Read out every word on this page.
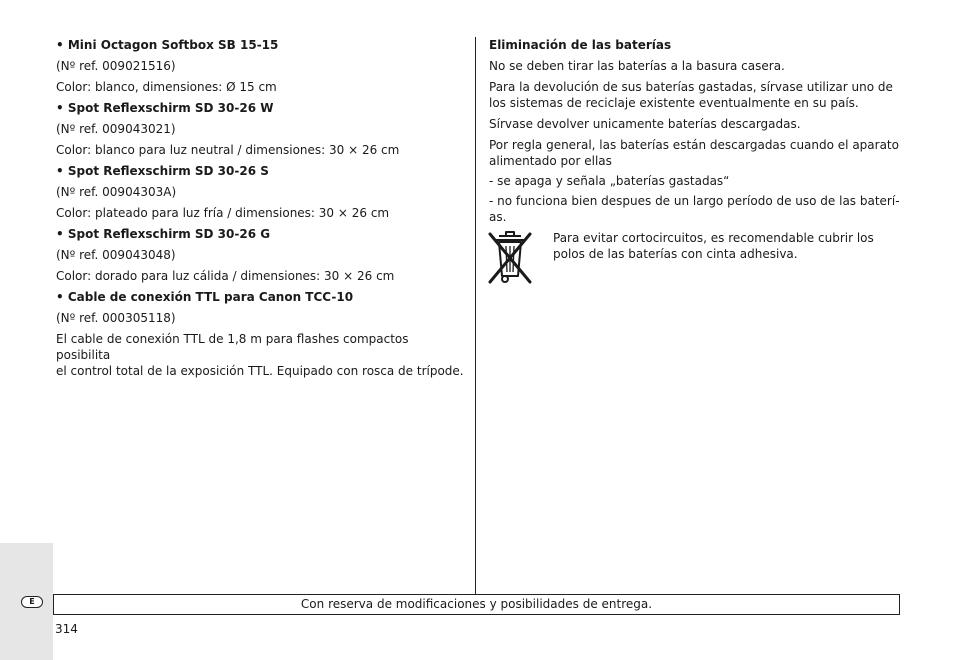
E

• Mini Octagon Softbox SB 15-15

(Nº ref. 009021516)

Color: blanco, dimensiones: Ø 15 cm

• Spot Reflexschirm SD 30-26 W

(Nº ref. 009043021)

Color: blanco para luz neutral / dimensiones: 30 × 26 cm

• Spot Reflexschirm SD 30-26 S

(Nº ref. 00904303A)

Color: plateado para luz fría / dimensiones: 30 × 26 cm

• Spot Reflexschirm SD 30-26 G

(Nº ref. 009043048)

Color: dorado para luz cálida / dimensiones: 30 × 26 cm

• Cable de conexión TTL para Canon TCC-10

(Nº ref. 000305118)

El cable de conexión TTL de 1,8 m para flashes compactos posibilita

el control total de la exposición TTL. Equipado con rosca de trípode.

Eliminación de las baterías

No se deben tirar las baterías a la basura casera.

Para la devolución de sus baterías gastadas, sírvase utilizar uno de

los sistemas de reciclaje existente eventualmente en su país.

Sírvase devolver unicamente baterías descargadas.

Por regla general, las baterías están descargadas cuando el aparato

alimentado por ellas

- se apaga y señala „baterías gastadas“

- no funciona bien despues de un largo período de uso de las baterí-

as.

Para evitar cortocircuitos, es recomendable cubrir los

polos de las baterías con cinta adhesiva.

Con reserva de modificaciones y posibilidades de entrega.
314
